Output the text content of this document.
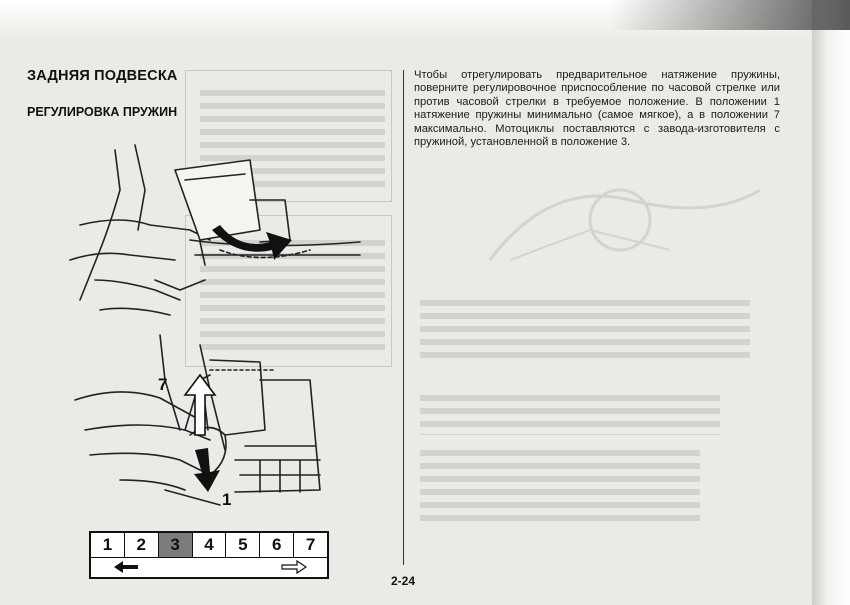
ЗАДНЯЯ ПОДВЕСКА
РЕГУЛИРОВКА ПРУЖИН

Чтобы отрегулировать предварительное натяжение пружины, поверните регулировочное приспособление по часовой стрелке или против часовой стрелки в требуемое положение. В положении 1 натяжение пружины минимально (самое мягкое), а в положении 7 максимально. Мотоциклы поставляются с завода-изготовителя с пружиной, установленной в положение 3.

7
1
1	2	3	4	5	6	7
2-24
